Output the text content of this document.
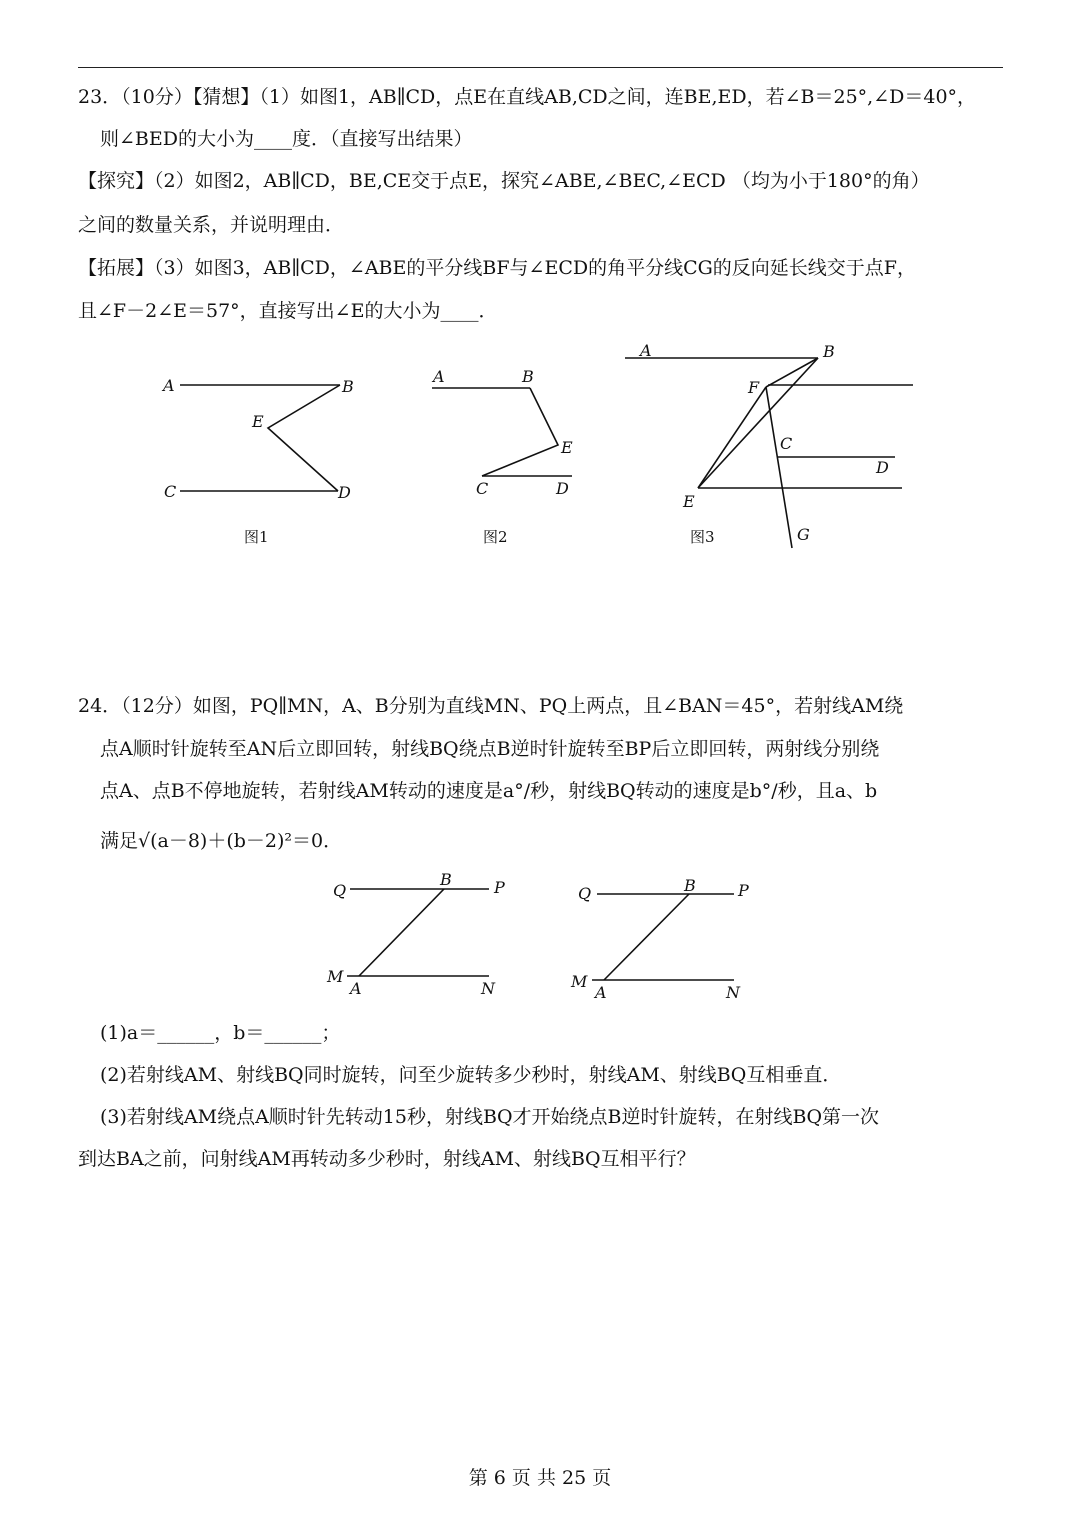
23．（10分）【猜想】（1）如图1，AB∥CD，点E在直线AB,CD之间，连BE,ED，若∠B＝25°,∠D＝40°，
则∠BED的大小为____度．（直接写出结果）
【探究】（2）如图2，AB∥CD，BE,CE交于点E，探究∠ABE,∠BEC,∠ECD （均为小于180°的角）
之间的数量关系，并说明理由．
【拓展】（3）如图3，AB∥CD，∠ABE的平分线BF与∠ECD的角平分线CG的反向延长线交于点F，
且∠F－2∠E＝57°，直接写出∠E的大小为____．
A	B
E
C	D
图1
A	B
E
C	D
图2
A	B
F
C
D
E
G
图3
24．（12分）如图，PQ∥MN，A、B分别为直线MN、PQ上两点，且∠BAN＝45°，若射线AM绕
点A顺时针旋转至AN后立即回转，射线BQ绕点B逆时针旋转至BP后立即回转，两射线分别绕
点A、点B不停地旋转，若射线AM转动的速度是a°/秒，射线BQ转动的速度是b°/秒，且a、b
满足√(a－8)＋(b－2)²＝0．
Q
B	P
M
A	N
Q	B	P
M
A	N
(1)a＝______，b＝______；
(2)若射线AM、射线BQ同时旋转，问至少旋转多少秒时，射线AM、射线BQ互相垂直．
(3)若射线AM绕点A顺时针先转动15秒，射线BQ才开始绕点B逆时针旋转，在射线BQ第一次
到达BA之前，问射线AM再转动多少秒时，射线AM、射线BQ互相平行？
第 6 页 共 25 页
